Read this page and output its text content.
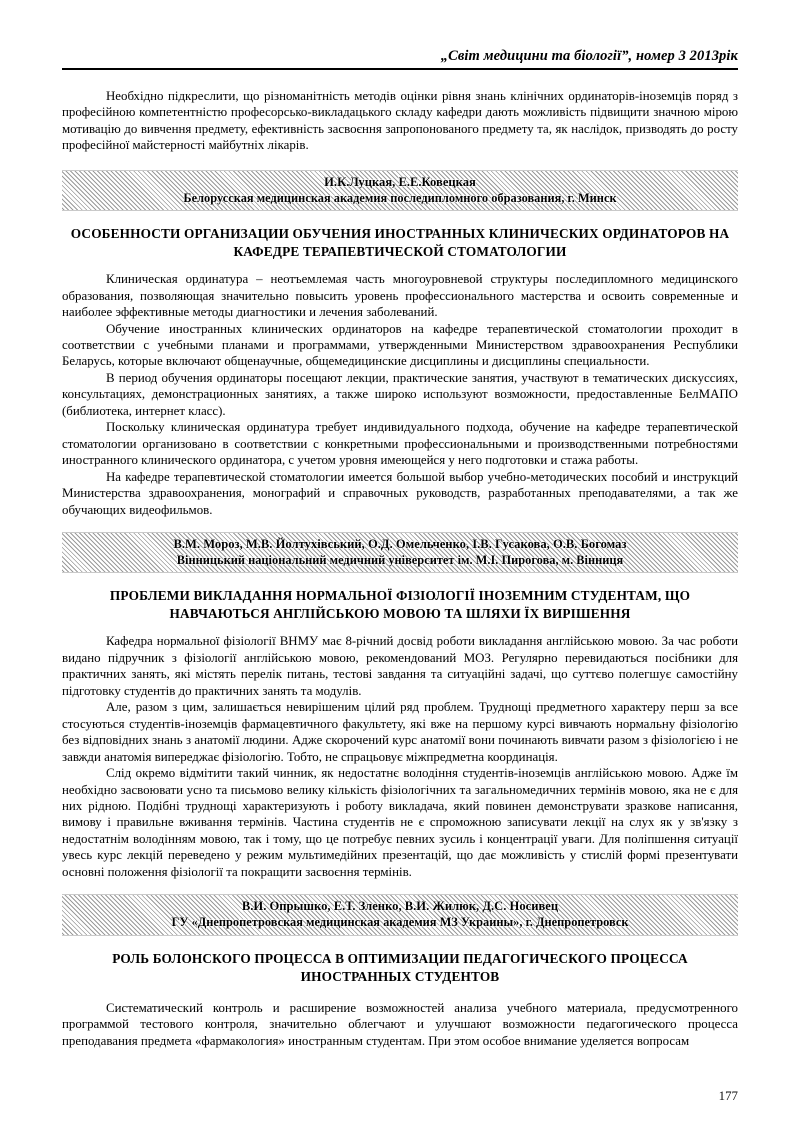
„Світ медицини та біології”, номер 3 2013рік

Необхідно підкреслити, що різноманітність методів оцінки рівня знань клінічних ординаторів-іноземців поряд з професійною компетентністю професорсько-викладацького складу кафедри дають можливість підвищити значною мірою мотивацію до вивчення предмету, ефективність засвоєння запропонованого предмету та, як наслідок, призводять до росту професійної майстерності майбутніх лікарів.

И.К.Луцкая, Е.Е.Ковецкая
Белорусская медицинская академия последипломного образования, г. Минск
ОСОБЕННОСТИ ОРГАНИЗАЦИИ ОБУЧЕНИЯ ИНОСТРАННЫХ КЛИНИЧЕСКИХ ОРДИНАТОРОВ НА
КАФЕДРЕ ТЕРАПЕВТИЧЕСКОЙ СТОМАТОЛОГИИ

Клиническая ординатура – неотъемлемая часть многоуровневой структуры последипломного медицинского образования, позволяющая значительно повысить уровень профессионального мастерства и освоить современные и наиболее эффективные методы диагностики и лечения заболеваний.

Обучение иностранных клинических ординаторов на кафедре терапевтической стоматологии проходит в соответствии с учебными планами и программами, утвержденными Министерством здравоохранения Республики Беларусь, которые включают общенаучные, общемедицинские дисциплины и дисциплины специальности.

В период обучения ординаторы посещают лекции, практические занятия, участвуют в тематических дискуссиях, консультациях, демонстрационных занятиях, а также широко используют возможности, предоставленные БелМАПО (библиотека, интернет класс).

Поскольку клиническая ординатура требует индивидуального подхода, обучение на кафедре терапевтической стоматологии организовано в соответствии с конкретными профессиональными и производственными потребностями иностранного клинического ординатора, с учетом уровня имеющейся у него подготовки и стажа работы.

На кафедре терапевтической стоматологии имеется большой выбор учебно-методических пособий и инструкций Министерства здравоохранения, монографий и справочных руководств, разработанных преподавателями, а так же обучающих видеофильмов.

В.М. Мороз, М.В. Йолтухівський, О.Д. Омельченко, І.В. Гусакова, О.В. Богомаз
Вінницький національний медичний університет ім. М.І. Пирогова, м. Вінниця
ПРОБЛЕМИ ВИКЛАДАННЯ НОРМАЛЬНОЇ ФІЗІОЛОГІЇ ІНОЗЕМНИМ СТУДЕНТАМ, ЩО
НАВЧАЮТЬСЯ АНГЛІЙСЬКОЮ МОВОЮ ТА ШЛЯХИ ЇХ ВИРІШЕННЯ

Кафедра нормальної фізіології ВНМУ має 8-річний досвід роботи викладання англійською мовою. За час роботи видано підручник з фізіології англійською мовою, рекомендований МОЗ. Регулярно перевидаються посібники для практичних занять, які містять перелік питань, тестові завдання та ситуаційні задачі, що суттєво полегшує самостійну підготовку студентів до практичних занять та модулів.

Але, разом з цим, залишається невирішеним цілий ряд проблем. Труднощі предметного характеру перш за все стосуються студентів-іноземців фармацевтичного факультету, які вже на першому курсі вивчають нормальну фізіологію без відповідних знань з анатомії людини. Адже скорочений курс анатомії вони починають вивчати разом з фізіологією і не завжди анатомія випереджає фізіологію. Тобто, не спрацьовує міжпредметна координація.

Слід окремо відмітити такий чинник, як недостатнє володіння студентів-іноземців англійською мовою. Адже їм необхідно засвоювати усно та письмово велику кількість фізіологічних та загальномедичних термінів мовою, яка не є для них рідною. Подібні труднощі характеризують і роботу викладача, який повинен демонструвати зразкове написання, вимову і правильне вживання термінів. Частина студентів не є спроможною записувати лекції на слух як у зв'язку з недостатнім володінням мовою, так і тому, що це потребує певних зусиль і концентрації уваги. Для поліпшення ситуації увесь курс лекцій переведено у режим мультимедійних презентацій, що дає можливість у стислій формі презентувати основні положення фізіології та покращити засвоєння термінів.

В.И. Опрышко, Е.Т. Зленко, В.И. Жилюк, Д.С. Носивец
ГУ «Днепропетровская медицинская академия МЗ Украины», г. Днепропетровск
РОЛЬ БОЛОНСКОГО ПРОЦЕССА В ОПТИМИЗАЦИИ ПЕДАГОГИЧЕСКОГО ПРОЦЕССА
ИНОСТРАННЫХ СТУДЕНТОВ

Систематический контроль и расширение возможностей анализа учебного материала, предусмотренного программой тестового контроля, значительно облегчают и улучшают возможности педагогического процесса преподавания предмета «фармакология» иностранным студентам. При этом особое внимание уделяется вопросам

177
